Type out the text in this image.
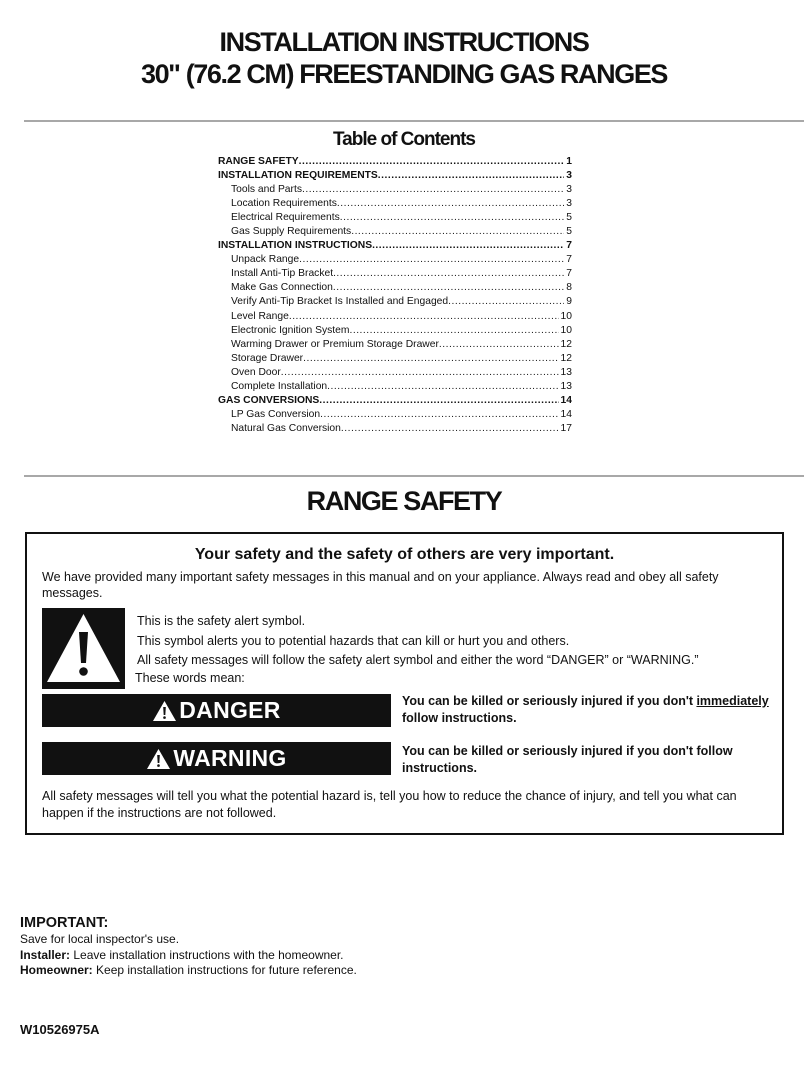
INSTALLATION INSTRUCTIONS
30" (76.2 CM) FREESTANDING GAS RANGES
Table of Contents
RANGE SAFETY .....	1
INSTALLATION REQUIREMENTS .....	3
Tools and Parts .....	3
Location Requirements .....	3
Electrical Requirements .....	5
Gas Supply Requirements .....	5
INSTALLATION INSTRUCTIONS .....	7
Unpack Range .....	7
Install Anti-Tip Bracket .....	7
Make Gas Connection .....	8
Verify Anti-Tip Bracket Is Installed and Engaged .....	9
Level Range .....	10
Electronic Ignition System .....	10
Warming Drawer or Premium Storage Drawer .....	12
Storage Drawer .....	12
Oven Door .....	13
Complete Installation .....	13
GAS CONVERSIONS .....	14
LP Gas Conversion .....	14
Natural Gas Conversion .....	17
RANGE SAFETY
Your safety and the safety of others are very important.
We have provided many important safety messages in this manual and on your appliance. Always read and obey all safety messages.
This is the safety alert symbol.
This symbol alerts you to potential hazards that can kill or hurt you and others.
All safety messages will follow the safety alert symbol and either the word “DANGER” or “WARNING.”
These words mean:
DANGER	You can be killed or seriously injured if you don't immediately follow instructions.
WARNING	You can be killed or seriously injured if you don't follow instructions.
All safety messages will tell you what the potential hazard is, tell you how to reduce the chance of injury, and tell you what can happen if the instructions are not followed.
IMPORTANT:
Save for local inspector's use.
Installer: Leave installation instructions with the homeowner.
Homeowner: Keep installation instructions for future reference.
W10526975A
